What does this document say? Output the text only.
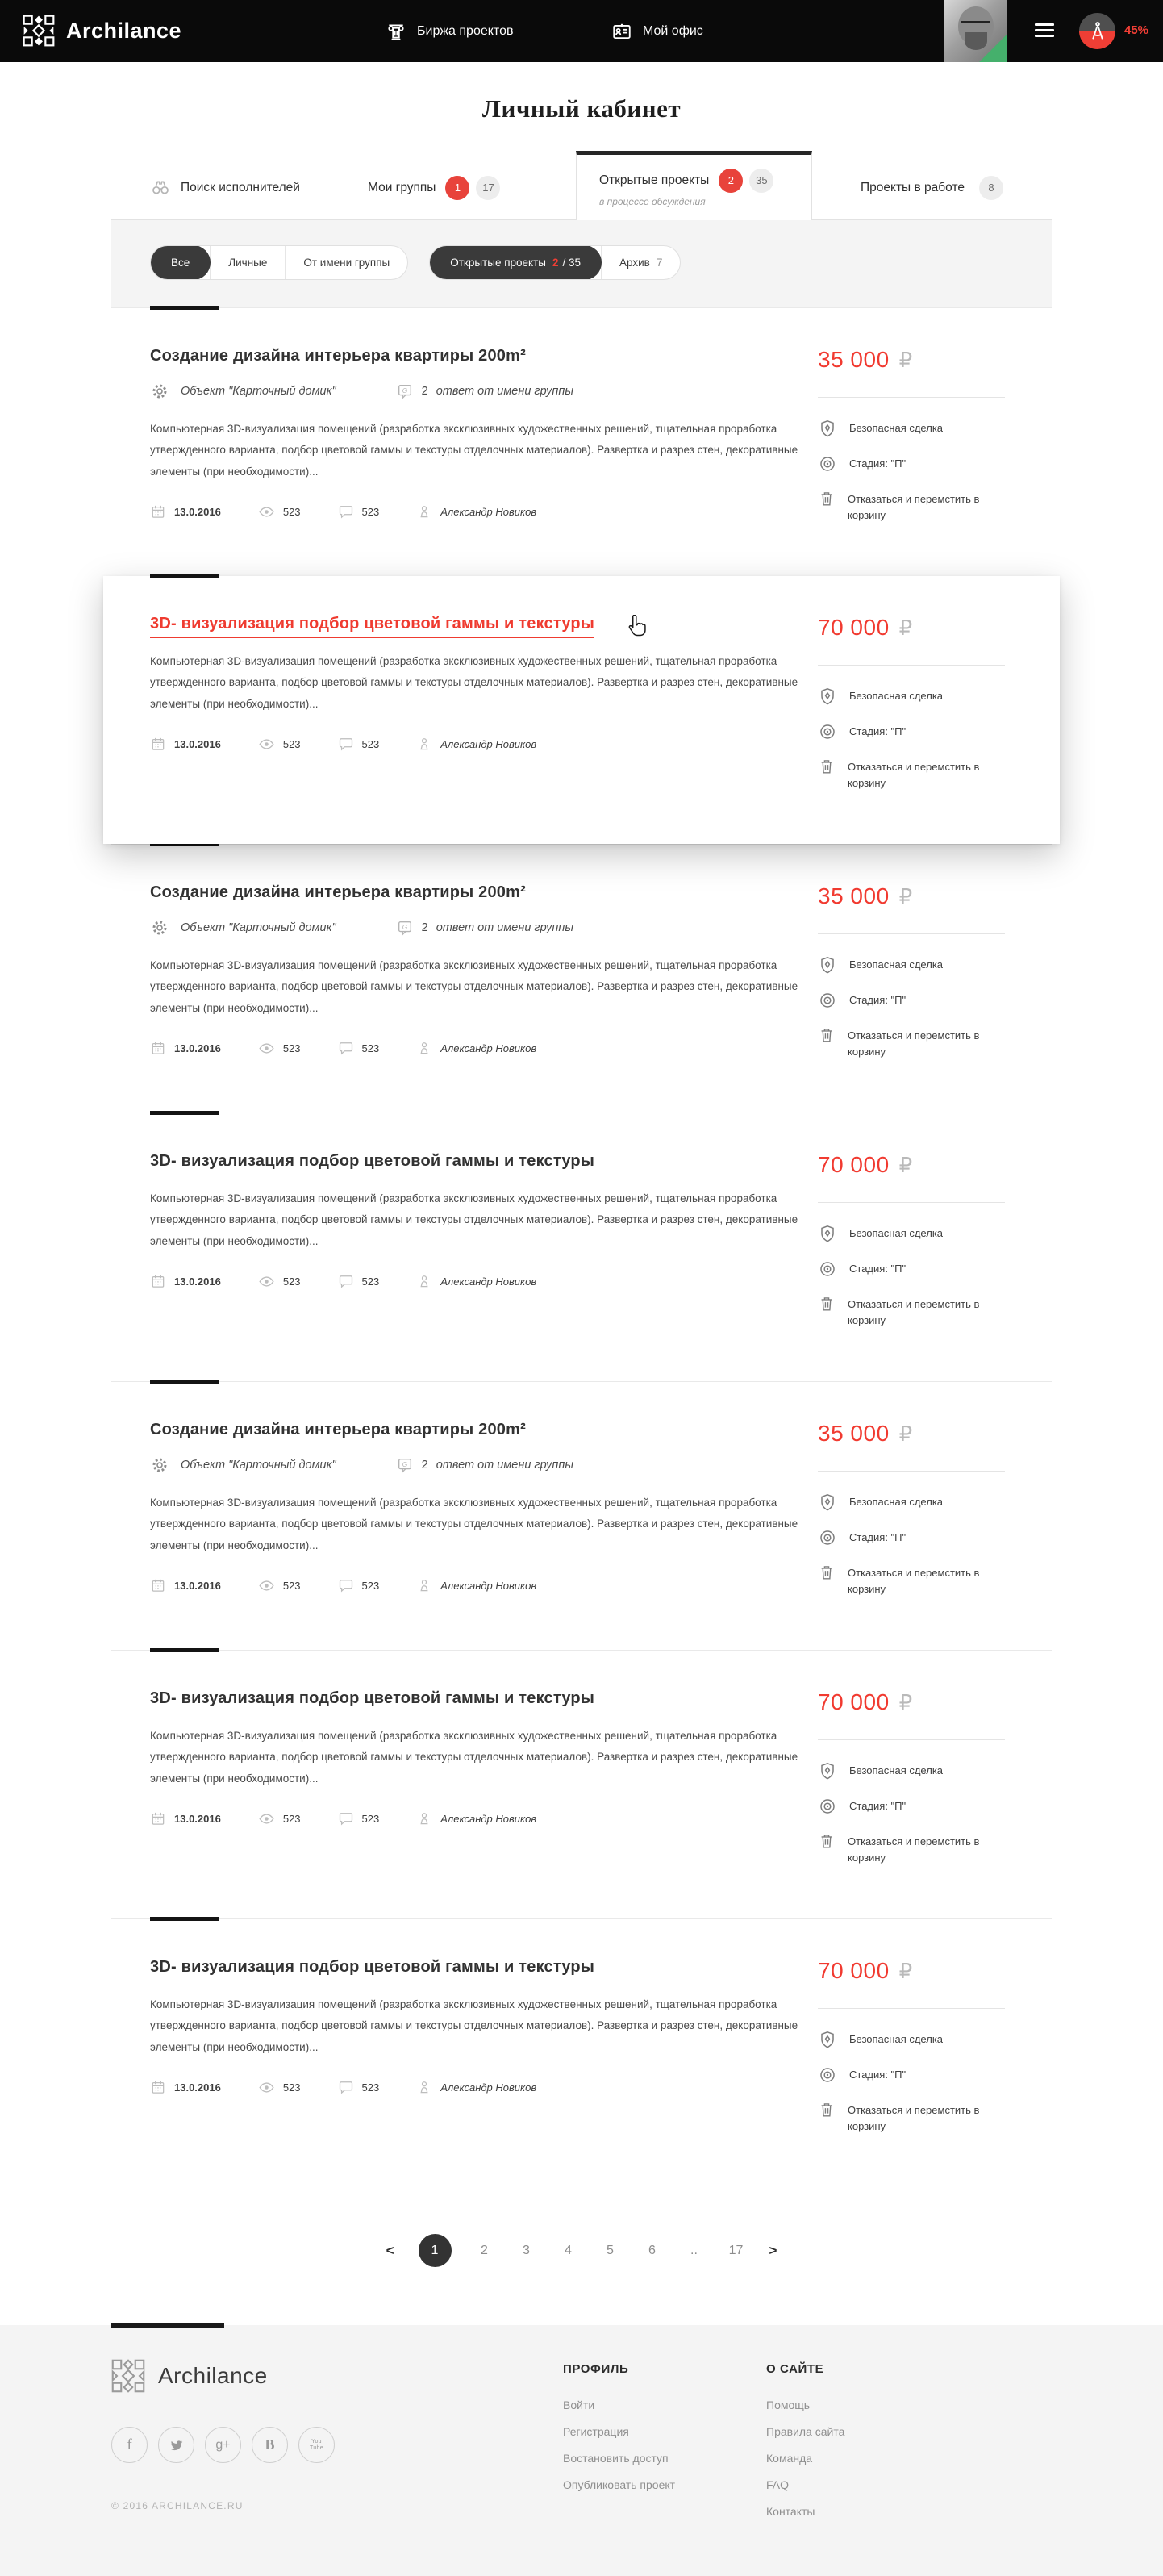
Archilance	Биржа проектов	Мой офис	45%
Личный кабинет
Поиск исполнителей	Мои группы	1	17
Открытые проекты	2	35
в процессе обсуждения
Проекты в работе	8
Все	Личные	От имени группы	Открытые проекты 2 / 35	Архив 7
Создание дизайна интерьера квартиры 200m²
Объект "Карточный домик"	G 2 ответ от имени группы

Компьютерная 3D-визуализация помещений (разработка эксклюзивных художественных решений, тщательная проработка утвержденного варианта, подбор цветовой гаммы и текстуры отделочных материалов). Развертка и разрез стен, декоративные элементы (при необходимости)...

13.0.2016	523	523	Александр Новиков
35 000 ₽
Безопасная сделка
Стадия: "П"
Отказаться и перемстить в корзину
3D- визуализация подбор цветовой гаммы и текстуры

Компьютерная 3D-визуализация помещений (разработка эксклюзивных художественных решений, тщательная проработка утвержденного варианта, подбор цветовой гаммы и текстуры отделочных материалов). Развертка и разрез стен, декоративные элементы (при необходимости)...

13.0.2016	523	523	Александр Новиков
70 000 ₽
Безопасная сделка
Стадия: "П"
Отказаться и перемстить в корзину
Создание дизайна интерьера квартиры 200m²
Объект "Карточный домик"	G 2 ответ от имени группы

Компьютерная 3D-визуализация помещений (разработка эксклюзивных художественных решений, тщательная проработка утвержденного варианта, подбор цветовой гаммы и текстуры отделочных материалов). Развертка и разрез стен, декоративные элементы (при необходимости)...

13.0.2016	523	523	Александр Новиков
35 000 ₽
Безопасная сделка
Стадия: "П"
Отказаться и перемстить в корзину
3D- визуализация подбор цветовой гаммы и текстуры

Компьютерная 3D-визуализация помещений (разработка эксклюзивных художественных решений, тщательная проработка утвержденного варианта, подбор цветовой гаммы и текстуры отделочных материалов). Развертка и разрез стен, декоративные элементы (при необходимости)...

13.0.2016	523	523	Александр Новиков
70 000 ₽
Безопасная сделка
Стадия: "П"
Отказаться и перемстить в корзину
Создание дизайна интерьера квартиры 200m²
Объект "Карточный домик"	G 2 ответ от имени группы

Компьютерная 3D-визуализация помещений (разработка эксклюзивных художественных решений, тщательная проработка утвержденного варианта, подбор цветовой гаммы и текстуры отделочных материалов). Развертка и разрез стен, декоративные элементы (при необходимости)...

13.0.2016	523	523	Александр Новиков
35 000 ₽
Безопасная сделка
Стадия: "П"
Отказаться и перемстить в корзину
3D- визуализация подбор цветовой гаммы и текстуры

Компьютерная 3D-визуализация помещений (разработка эксклюзивных художественных решений, тщательная проработка утвержденного варианта, подбор цветовой гаммы и текстуры отделочных материалов). Развертка и разрез стен, декоративные элементы (при необходимости)...

13.0.2016	523	523	Александр Новиков
70 000 ₽
Безопасная сделка
Стадия: "П"
Отказаться и перемстить в корзину
3D- визуализация подбор цветовой гаммы и текстуры

Компьютерная 3D-визуализация помещений (разработка эксклюзивных художественных решений, тщательная проработка утвержденного варианта, подбор цветовой гаммы и текстуры отделочных материалов). Развертка и разрез стен, декоративные элементы (при необходимости)...

13.0.2016	523	523	Александр Новиков
70 000 ₽
Безопасная сделка
Стадия: "П"
Отказаться и перемстить в корзину
<	1	2	3	4	5	6	..	17 >
Archilance
f	g+ B	You
Tube
© 2016 ARCHILANCE.RU
ПРОФИЛЬ
Войти
Регистрация
Востановить доступ
Опубликовать проект
О САЙТЕ
Помощь
Правила сайта
Команда
FAQ
Контакты
